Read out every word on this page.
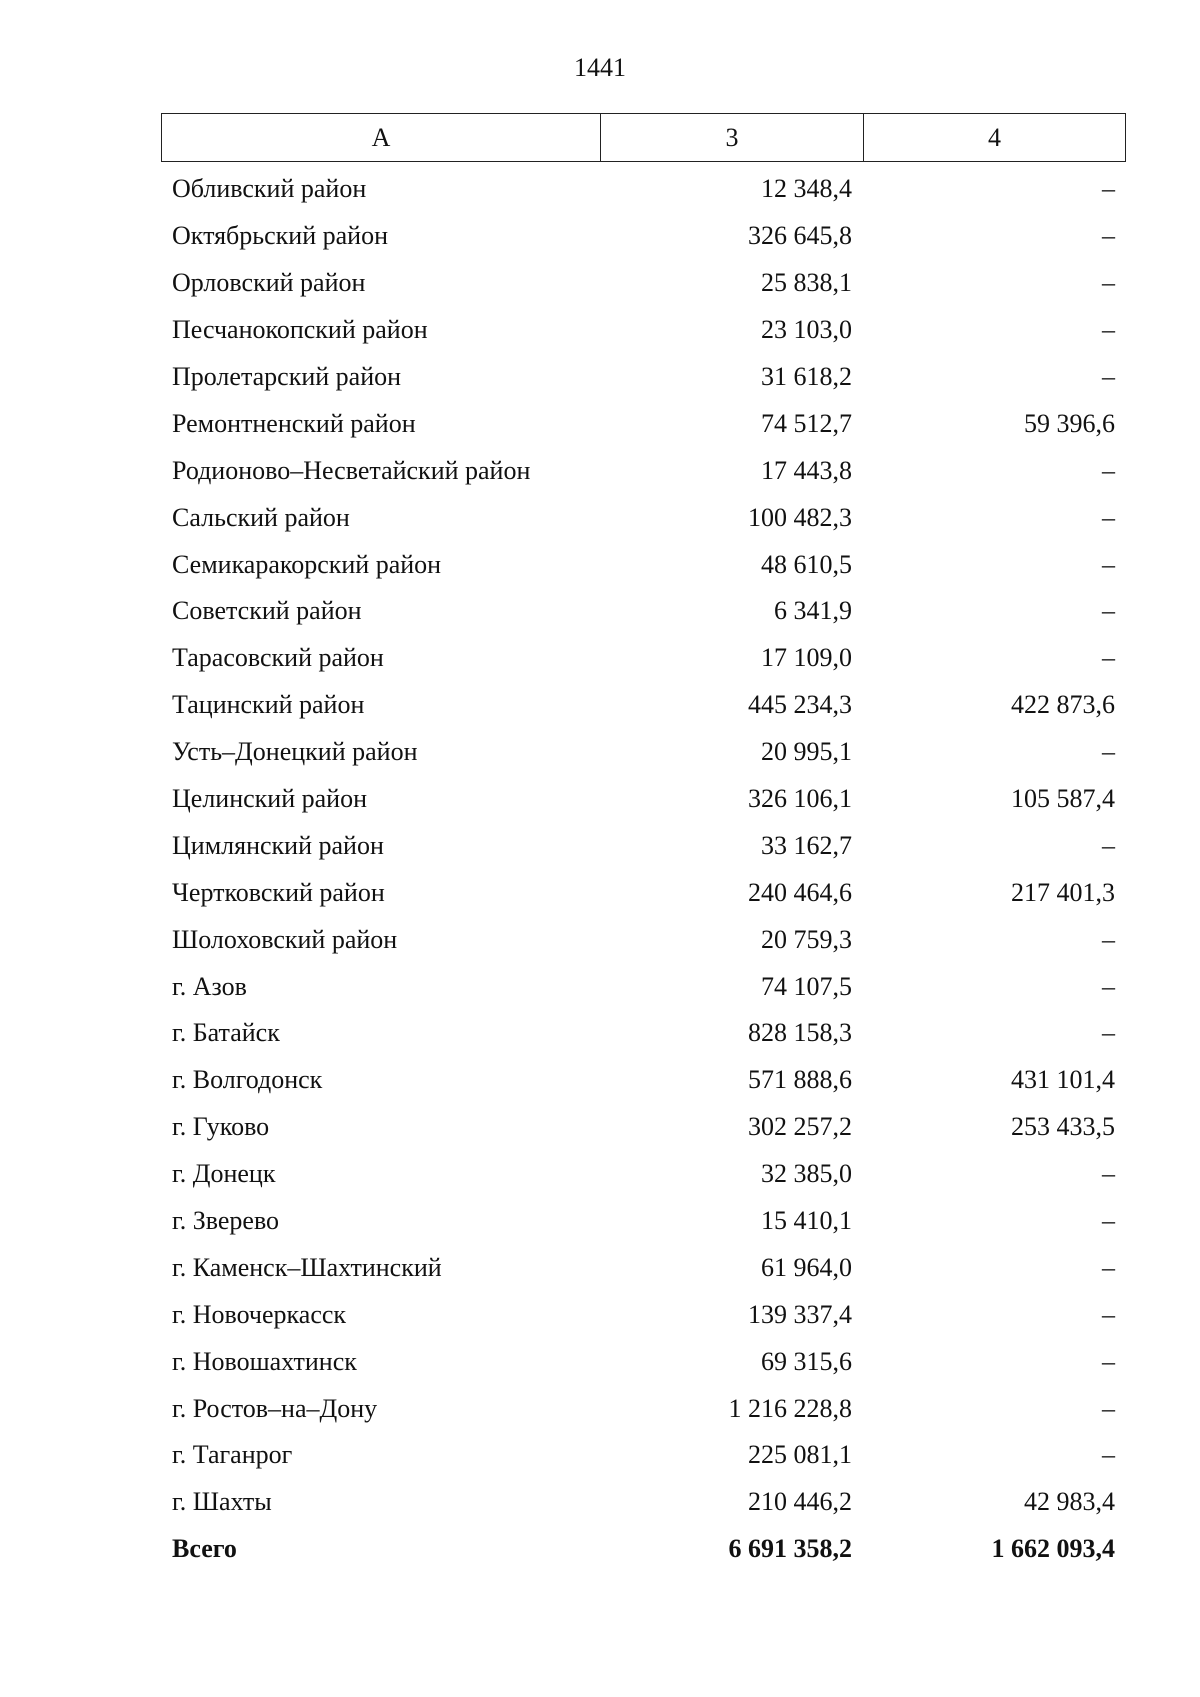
1441
А	3	4
Обливский район	12 348,4	–
Октябрьский район	326 645,8	–
Орловский район	25 838,1	–
Песчанокопский район	23 103,0	–
Пролетарский район	31 618,2	–
Ремонтненский район	74 512,7	59 396,6
Родионово–Несветайский район	17 443,8	–
Сальский район	100 482,3	–
Семикаракорский район	48 610,5	–
Советский район	6 341,9	–
Тарасовский район	17 109,0	–
Тацинский район	445 234,3	422 873,6
Усть–Донецкий район	20 995,1	–
Целинский район	326 106,1	105 587,4
Цимлянский район	33 162,7	–
Чертковский район	240 464,6	217 401,3
Шолоховский район	20 759,3	–
г. Азов	74 107,5	–
г. Батайск	828 158,3	–
г. Волгодонск	571 888,6	431 101,4
г. Гуково	302 257,2	253 433,5
г. Донецк	32 385,0	–
г. Зверево	15 410,1	–
г. Каменск–Шахтинский	61 964,0	–
г. Новочеркасск	139 337,4	–
г. Новошахтинск	69 315,6	–
г. Ростов–на–Дону	1 216 228,8	–
г. Таганрог	225 081,1	–
г. Шахты	210 446,2	42 983,4
Всего	6 691 358,2	1 662 093,4
